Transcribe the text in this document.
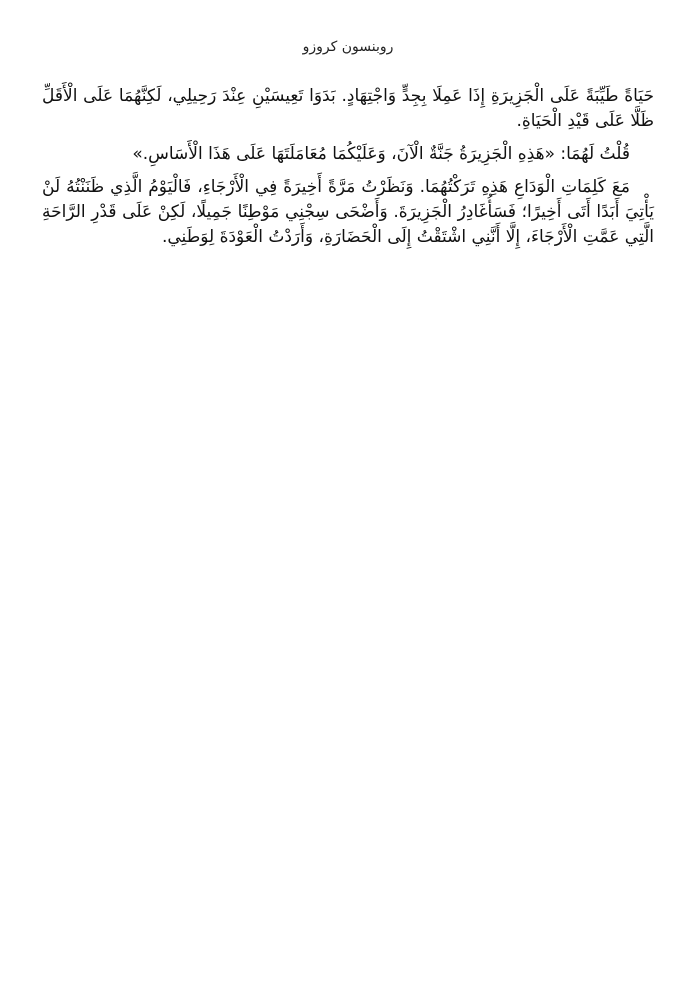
روبنسون كروزو

حَيَاةً طَيِّبَةً عَلَى الْجَزِيرَةِ إِذَا عَمِلَا بِجِدٍّ وَاجْتِهَادٍ. بَدَوَا تَعِيسَيْنِ عِنْدَ رَحِيلِي، لَكِنَّهُمَا عَلَى الْأَقَلِّ ظَلَّا عَلَى قَيْدِ الْحَيَاةِ.

قُلْتُ لَهُمَا: «هَذِهِ الْجَزِيرَةُ جَنَّةٌ الْآنَ، وَعَلَيْكُمَا مُعَامَلَتَهَا عَلَى هَذَا الْأَسَاسِ.»

مَعَ كَلِمَاتِ الْوَدَاعِ هَذِهِ تَرَكْتُهُمَا. وَنَظَرْتُ مَرَّةً أَخِيرَةً فِي الْأَرْجَاءِ، فَالْيَوْمُ الَّذِي ظَنَنْتُهُ لَنْ يَأْتِيَ أَبَدًا أَتَى أَخِيرًا؛ فَسَأُغَادِرُ الْجَزِيرَةَ. وَأَضْحَى سِجْنِي مَوْطِنًا جَمِيلًا، لَكِنْ عَلَى قَدْرِ الرَّاحَةِ الَّتِي عَمَّتِ الْأَرْجَاءَ، إِلَّا أَنَّنِي اشْتَقْتُ إِلَى الْحَضَارَةِ، وَأَرَدْتُ الْعَوْدَةَ لِوَطَنِي.
